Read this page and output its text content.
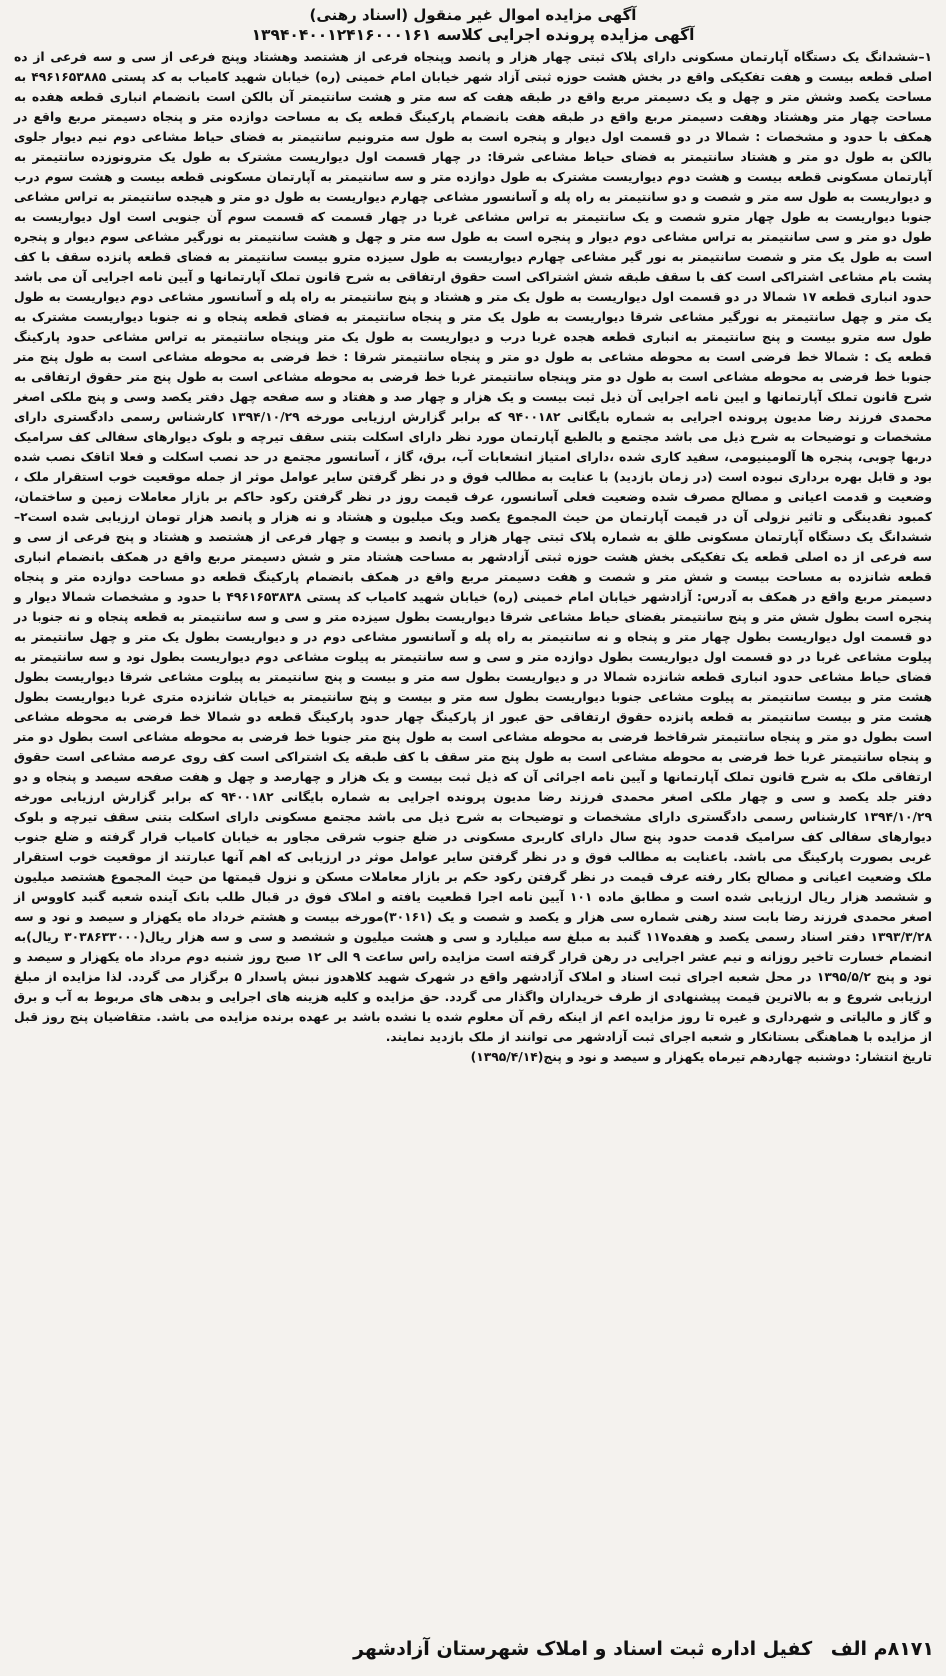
آگهی مزایده اموال غیر منقول (اسناد رهنی)
آگهی مزایده پرونده اجرایی کلاسه ۱۳۹۴۰۴۰۰۱۲۴۱۶۰۰۰۱۶۱
۱–ششدانگ یک دستگاه آپارتمان مسکونی دارای پلاک ثبتی چهار هزار و پانصد وپنجاه فرعی از هشتصد وهشتاد وپنج فرعی از سی و سه فرعی از ده اصلی قطعه بیست و هفت تفکیکی واقع در بخش هشت حوزه ثبتی آزاد شهر خیابان امام خمینی (ره) خیابان شهید کامیاب به کد پستی ۴۹۶۱۶۵۳۸۸۵ به مساحت یکصد وشش متر و چهل و یک دسیمتر مربع واقع در طبقه هفت که سه متر و هشت سانتیمتر آن بالکن است بانضمام انباری قطعه هفده به مساحت چهار متر وهشتاد وهفت دسیمتر مربع واقع در طبقه هفت بانضمام پارکینگ قطعه یک به مساحت دوازده متر و پنجاه دسیمتر مربع واقع در همکف با حدود و مشخصات : شمالا در دو قسمت اول دیوار و پنجره است به طول سه مترونیم سانتیمتر به فضای حیاط مشاعی دوم نیم دیوار جلوی بالکن به طول دو متر و هشتاد سانتیمتر به فضای حیاط مشاعی شرقا: در چهار قسمت اول دیواریست مشترک به طول یک مترونوزده سانتیمتر به آپارتمان مسکونی قطعه بیست و هشت دوم دیواریست مشترک به طول دوازده متر و سه سانتیمتر به آپارتمان مسکونی قطعه بیست و هشت سوم درب و دیواریست به طول سه متر و شصت و دو سانتیمتر به راه پله و آسانسور مشاعی چهارم دیواریست به طول دو متر و هیجده سانتیمتر به تراس مشاعی جنوبا دیواریست به طول چهار مترو شصت و یک سانتیمتر به تراس مشاعی غربا در چهار قسمت که قسمت سوم آن جنوبی است اول دیواریست به طول دو متر و سی سانتیمتر به تراس مشاعی دوم دیوار و پنجره است به طول سه متر و چهل و هشت سانتیمتر به نورگیر مشاعی سوم دیوار و پنجره است به طول یک متر و شصت سانتیمتر به نور گیر مشاعی چهارم دیواریست به طول سیزده مترو بیست سانتیمتر به فضای قطعه پانزده سقف با کف پشت بام مشاعی اشتراکی است کف با سقف طبقه شش اشتراکی است حقوق ارتفاقی به شرح قانون تملک آپارتمانها و آیین نامه اجرایی آن می باشد حدود انباری قطعه ۱۷ شمالا در دو قسمت اول دیواریست به طول یک متر و هشتاد و پنج سانتیمتر به راه پله و آسانسور مشاعی دوم دیواریست به طول یک متر و چهل سانتیمتر به نورگیر مشاعی شرقا دیواریست به طول یک متر و پنجاه سانتیمتر به فضای قطعه پنجاه و نه جنوبا دیواریست مشترک به طول سه مترو بیست و پنج سانتیمتر به انباری قطعه هجده غربا درب و دیواریست به طول یک متر وپنجاه سانتیمتر به تراس مشاعی حدود پارکینگ قطعه یک : شمالا خط فرضی است به محوطه مشاعی به طول دو متر و پنجاه سانتیمتر شرقا : خط فرضی به محوطه مشاعی است به طول پنج متر جنوبا خط فرضی به محوطه مشاعی است به طول دو متر وپنجاه سانتیمتر غربا خط فرضی به محوطه مشاعی است به طول پنج متر حقوق ارتفاقی به شرح قانون تملک آپارتمانها و ایین نامه اجرایی آن ذیل ثبت بیست و یک هزار و چهار صد و هفتاد و سه صفحه چهل دفتر یکصد وسی و پنج ملکی اصغر محمدی فرزند رضا مدیون پرونده اجرایی به شماره بایگانی ۹۴۰۰۱۸۲ که برابر گزارش ارزیابی مورخه ۱۳۹۴/۱۰/۲۹ کارشناس رسمی دادگستری دارای مشخصات و توضیحات به شرح ذیل می باشد مجتمع و بالطبع آپارتمان مورد نظر دارای اسکلت بتنی سقف تیرچه و بلوک دیوارهای سفالی کف سرامیک دربها چوبی، پنجره ها آلومینیومی، سفید کاری شده ،دارای امتیاز انشعابات آب، برق، گاز ، آسانسور مجتمع در حد نصب اسکلت و فعلا اتاقک نصب شده بود و قابل بهره برداری نبوده است (در زمان بازدید) با عنایت به مطالب فوق و در نظر گرفتن سایر عوامل موثر از جمله موقعیت خوب استقرار ملک ، وضعیت و قدمت اعیانی و مصالح مصرف شده وضعیت فعلی آسانسور، عرف قیمت روز در نظر گرفتن رکود حاکم بر بازار معاملات زمین و ساختمان، کمبود نقدینگی و تاثیر نزولی آن در قیمت آپارتمان من حیث المجموع یکصد ویک میلیون و هشتاد و نه هزار و پانصد هزار تومان ارزیابی شده است۲–ششدانگ یک دستگاه آپارتمان مسکونی طلق به شماره پلاک ثبتی چهار هزار و پانصد و بیست و چهار فرعی از هشتصد و هشتاد و پنج فرعی از سی و سه فرعی از ده اصلی قطعه یک تفکیکی بخش هشت حوزه ثبتی آزادشهر به مساحت هشتاد متر و شش دسیمتر مربع واقع در همکف بانضمام انباری قطعه شانزده به مساحت بیست و شش متر و شصت و هفت دسیمتر مربع واقع در همکف بانضمام پارکینگ قطعه دو مساحت دوازده متر و پنجاه دسیمتر مربع واقع در همکف به آدرس: آزادشهر خیابان امام خمینی (ره) خیابان شهید کامیاب کد پستی ۴۹۶۱۶۵۳۸۳۸ با حدود و مشخصات شمالا دیوار و پنجره است بطول شش متر و پنج سانتیمتر بفضای حیاط مشاعی شرقا دیواریست بطول سیزده متر و سی و سه سانتیمتر به قطعه پنجاه و نه جنوبا در دو قسمت اول دیواریست بطول چهار متر و پنجاه و نه سانتیمتر به راه پله و آسانسور مشاعی دوم در و دیواریست بطول یک متر و چهل سانتیمتر به پیلوت مشاعی غربا در دو قسمت اول دیواریست بطول دوازده متر و سی و سه سانتیمتر به پیلوت مشاعی دوم دیواریست بطول نود و سه سانتیمتر به فضای حیاط مشاعی حدود انباری قطعه شانزده شمالا در و دیواریست بطول سه متر و بیست و پنج سانتیمتر به پیلوت مشاعی شرقا دیواریست بطول هشت متر و بیست سانتیمتر به پیلوت مشاعی جنوبا دیواریست بطول سه متر و بیست و پنج سانتیمتر به خیابان شانزده متری غربا دیواریست بطول هشت متر و بیست سانتیمتر به قطعه پانزده حقوق ارتفاقی حق عبور از پارکینگ چهار حدود پارکینگ قطعه دو شمالا خط فرضی به محوطه مشاعی است بطول دو متر و پنجاه سانتیمتر شرقاخط فرضی به محوطه مشاعی است به طول پنج متر جنوبا خط فرضی به محوطه مشاعی است بطول دو متر و پنجاه سانتیمتر غربا خط فرضی به محوطه مشاعی است به طول پنج متر سقف با کف طبقه یک اشتراکی است کف روی عرصه مشاعی است حقوق ارتفاقی ملک به شرح قانون تملک آپارتمانها و آیین نامه اجرائی آن که ذیل ثبت بیست و یک هزار و چهارصد و چهل و هفت صفحه سیصد و پنجاه و دو دفتر جلد یکصد و سی و چهار ملکی اصغر محمدی فرزند رضا مدیون پرونده اجرایی به شماره بایگانی ۹۴۰۰۱۸۲ که برابر گزارش ارزیابی مورخه ۱۳۹۴/۱۰/۲۹ کارشناس رسمی دادگستری دارای مشخصات و توضیحات به شرح ذیل می باشد مجتمع مسکونی دارای اسکلت بتنی سقف تیرچه و بلوک دیوارهای سفالی کف سرامیک قدمت حدود پنج سال دارای کاربری مسکونی در ضلع جنوب شرقی مجاور به خیابان کامیاب قرار گرفته و ضلع جنوب غربی بصورت پارکینگ می باشد. باعنایت به مطالب فوق و در نظر گرفتن سایر عوامل موثر در ارزیابی که اهم آنها عبارتند از موقعیت خوب استقرار ملک وضعیت اعیانی و مصالح بکار رفته عرف قیمت در نظر گرفتن رکود حکم بر بازار معاملات مسکن و نزول قیمتها من حیث المجموع هشتصد میلیون و ششصد هزار ریال ارزیابی شده است و مطابق ماده ۱۰۱ آیین نامه اجرا قطعیت یافته و املاک فوق در قبال طلب بانک آینده شعبه گنبد کاووس از اصغر محمدی فرزند رضا بابت سند رهنی شماره سی هزار و یکصد و شصت و یک (۳۰۱۶۱)مورخه بیست و هشتم خرداد ماه یکهزار و سیصد و نود و سه ۱۳۹۳/۳/۲۸ دفتر اسناد رسمی یکصد و هفده۱۱۷ گنبد به مبلغ سه میلیارد و سی و هشت میلیون و ششصد و سی و سه هزار ریال(۳۰۳۸۶۳۳۰۰۰ ریال)به انضمام خسارت تاخیر روزانه و نیم عشر اجرایی در رهن قرار گرفته است مزایده راس ساعت ۹ الی ۱۲ صبح روز شنبه دوم مرداد ماه یکهزار و سیصد و نود و پنج ۱۳۹۵/۵/۲ در محل شعبه اجرای ثبت اسناد و املاک آزادشهر واقع در شهرک شهید کلاهدوز نبش پاسدار ۵ برگزار می گردد. لذا مزایده از مبلغ ارزیابی شروع و به بالاترین قیمت پیشنهادی از طرف خریداران واگذار می گردد. حق مزایده و کلیه هزینه های اجرایی و بدهی های مربوط به آب و برق و گاز و مالیاتی و شهرداری و غیره تا روز مزایده اعم از اینکه رقم آن معلوم شده یا نشده باشد بر عهده برنده مزایده می باشد. متقاضیان پنج روز قبل از مزایده با هماهنگی بستانکار و شعبه اجرای ثبت آزادشهر می توانند از ملک بازدید نمایند.
تاریخ انتشار: دوشنبه چهاردهم تیرماه یکهزار و سیصد و نود و پنج(۱۳۹۵/۴/۱۴)
۸۱۷۱م الف کفیل اداره ثبت اسناد و املاک شهرستان آزادشهر
